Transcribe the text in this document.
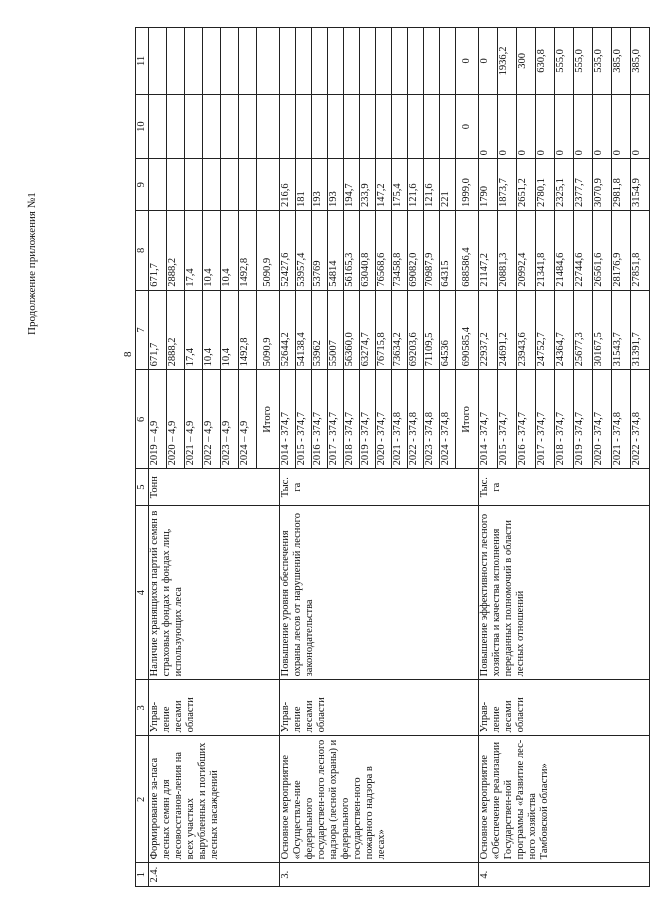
Продолжение приложения №1
8
1	2	3	4	5	6	7	8	9	10	11
2.4.	Формирование за-паса лесных семян для лесовосстанов-ления на всех участках вырубленных и погибших лесных насаждений	Управ-ление лесами области	Наличие хранящихся партий семян в страховых фондах и фондах лиц, использующих леса	Тонн	2019 – 4,9	671,7	671,7			
					2020 – 4,9	2888,2	2888,2			
					2021 – 4,9	17,4	17,4			
					2022 – 4,9	10,4	10,4			
					2023 – 4,9	10,4	10,4			
					2024 – 4,9	1492,8	1492,8			
					Итого	5090,9	5090,9			
3.	Основное мероприятие «Осуществле-ние федерального государствен-ного лесного надзора (лесной охраны) и федерального государствен-ного пожарного надзора в лесах»	Управ-ление лесами области	Повышение уровня обеспечения охраны лесов от нарушений лесного законодательства	Тыс. га	2014 - 374,7	52644,2	52427,6	216,6		
					2015 - 374,7	54138,4	53957,4	181		
					2016 - 374,7	53962	53769	193		
					2017 - 374,7	55007	54814	193		
					2018 - 374,7	56360,0	56165,3	194,7		
					2019 - 374,7	63274,7	63040,8	233,9		
					2020 - 374,7	76715,8	76568,6	147,2		
					2021 - 374,8	73634,2	73458,8	175,4		
					2022 - 374,8	69203,6	69082,0	121,6		
					2023 - 374,8	71109,5	70987,9	121,6		
					2024 - 374,8	64536	64315	221		
					Итого	690585,4	688586,4	1999,0	0	0
4.	Основное мероприятие «Обеспечение реализации Государствен-ной программы «Развитие лес-ного хозяйства Тамбовской области»	Управ-ление лесами области	Повышение эффективности лесного хозяйства и качества исполнения переданных полномочий в области лесных отношений	Тыс. га	2014 - 374,7	22937,2	21147,2	1790	0	0
					2015 - 374,7	24691,2	20881,3	1873,7	0	1936,2
					2016 - 374,7	23943,6	20992,4	2651,2	0	300
					2017 - 374,7	24752,7	21341,8	2780,1	0	630,8
					2018 - 374,7	24364,7	21484,6	2325,1	0	555,0
					2019 - 374,7	25677,3	22744,6	2377,7	0	555,0
					2020 - 374,7	30167,5	26561,6	3070,9	0	535,0
					2021 - 374,8	31543,7	28176,9	2981,8	0	385,0
					2022 - 374,8	31391,7	27851,8	3154,9	0	385,0
